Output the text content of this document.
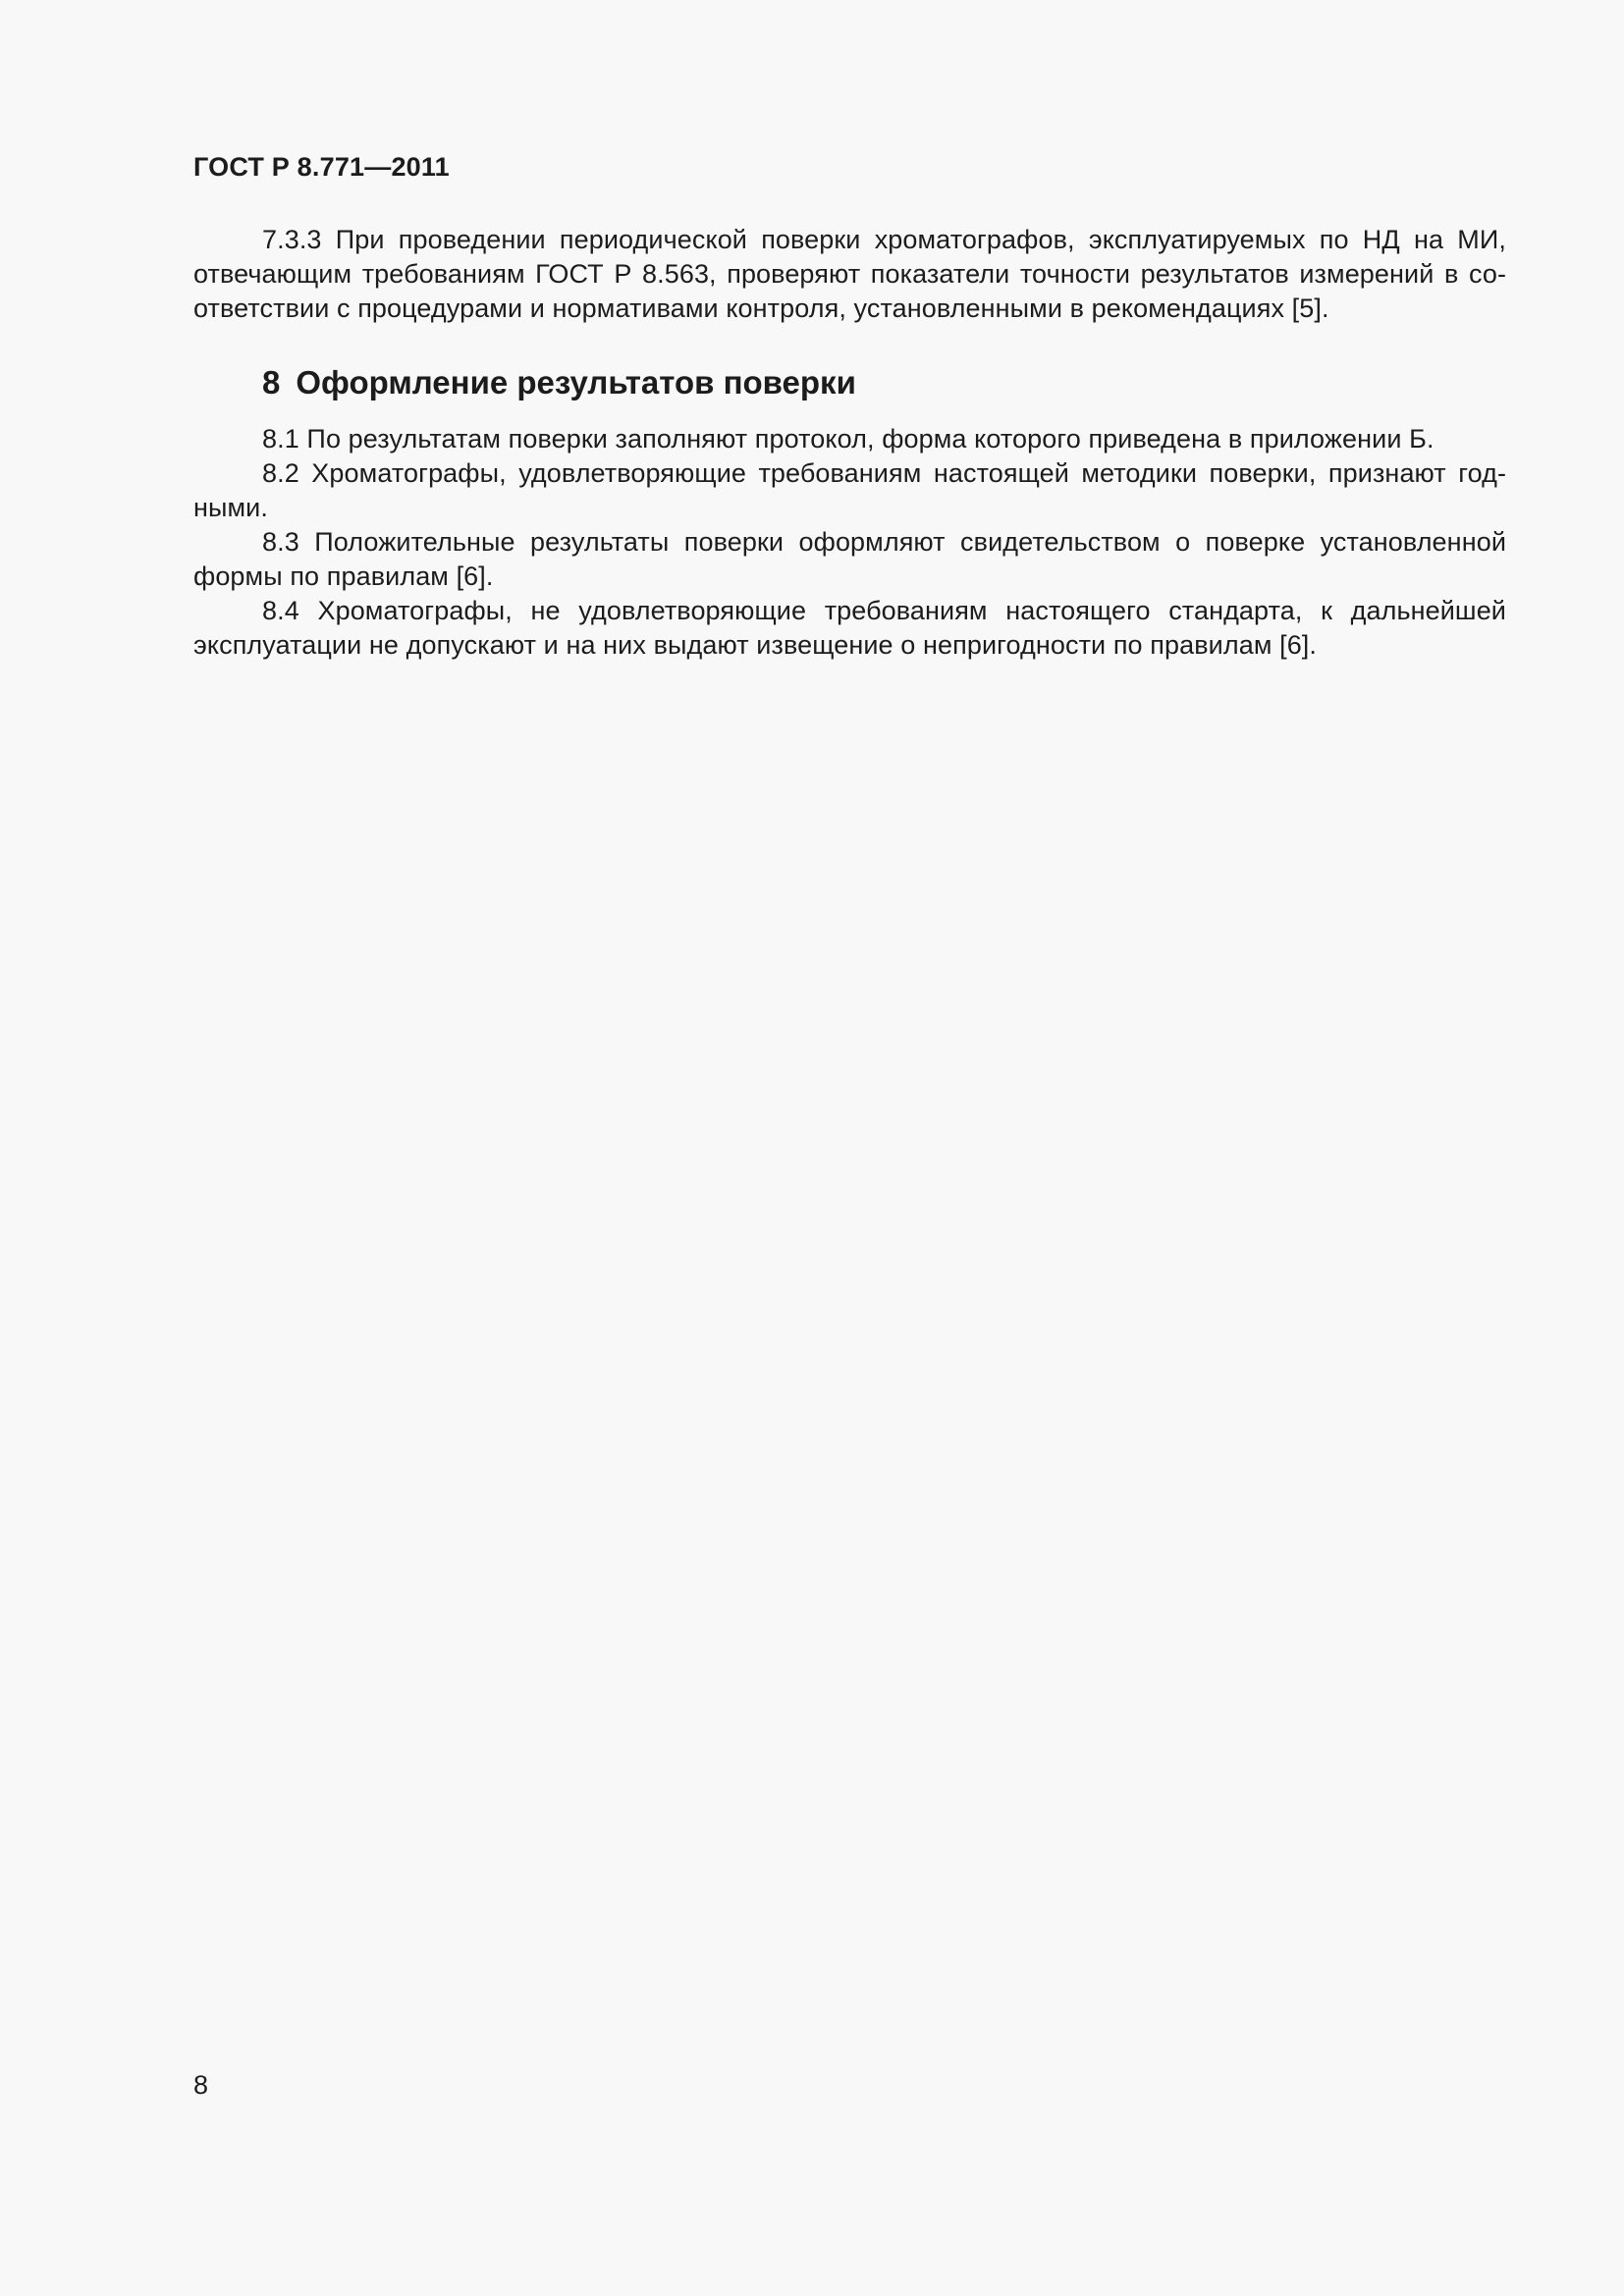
ГОСТ Р 8.771—2011

7.3.3 При проведении периодической поверки хроматографов, эксплуатируемых по НД на МИ, отвечающим требованиям ГОСТ Р 8.563, проверяют показатели точности результатов измерений в соответствии с процедурами и нормативами контроля, установленными в рекомендациях [5].

8 Оформление результатов поверки

8.1 По результатам поверки заполняют протокол, форма которого приведена в приложении Б.

8.2 Хроматографы, удовлетворяющие требованиям настоящей методики поверки, признают годными.

8.3 Положительные результаты поверки оформляют свидетельством о поверке установленной формы по правилам [6].

8.4 Хроматографы, не удовлетворяющие требованиям настоящего стандарта, к дальнейшей эксплуатации не допускают и на них выдают извещение о непригодности по правилам [6].

8
